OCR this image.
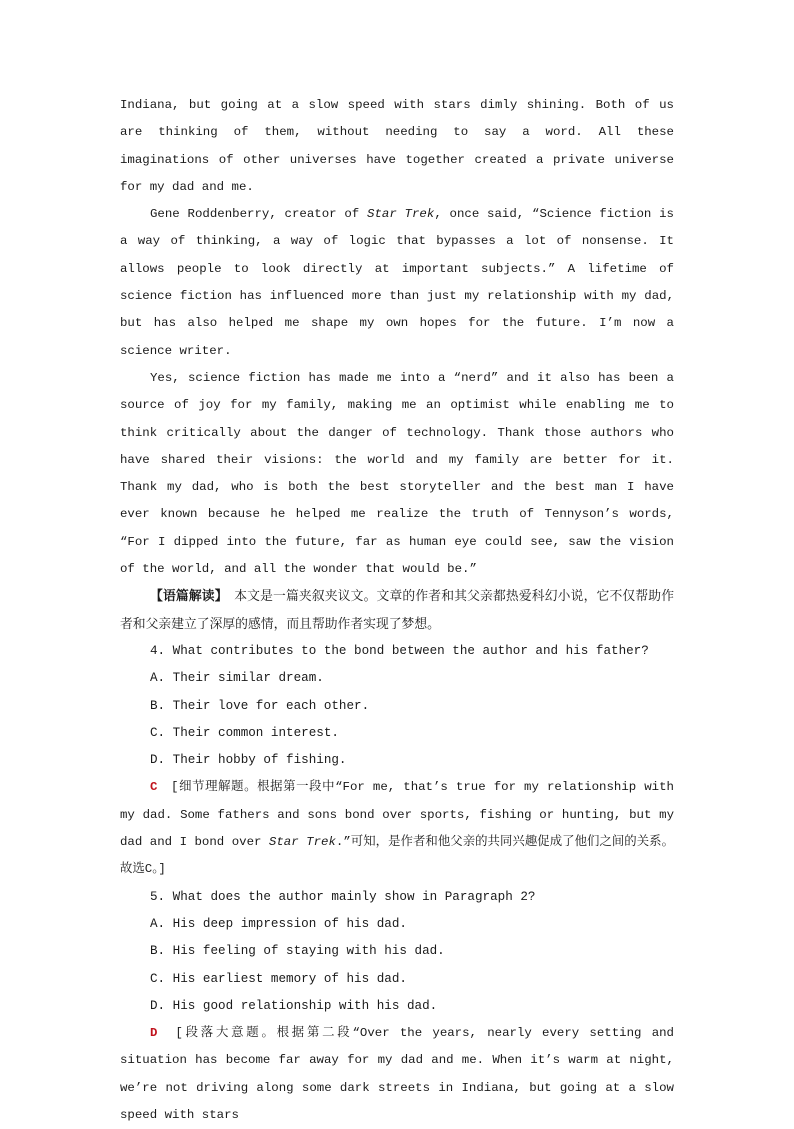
Indiana, but going at a slow speed with stars dimly shining. Both of us are thinking of them, without needing to say a word. All these imaginations of other universes have together created a private universe for my dad and me.

Gene Roddenberry, creator of Star Trek, once said, “Science fiction is a way of thinking, a way of logic that bypasses a lot of nonsense. It allows people to look directly at important subjects.” A lifetime of science fiction has influenced more than just my relationship with my dad, but has also helped me shape my own hopes for the future. I’m now a science writer.

Yes, science fiction has made me into a “nerd” and it also has been a source of joy for my family, making me an optimist while enabling me to think critically about the danger of technology. Thank those authors who have shared their visions: the world and my family are better for it. Thank my dad, who is both the best storyteller and the best man I have ever known because he helped me realize the truth of Tennyson’s words, “For I dipped into the future, far as human eye could see, saw the vision of the world, and all the wonder that would be.”

【语篇解读】　本文是一篇夹叙夹议文。文章的作者和其父亲都热爱科幻小说，它不仅帮助作者和父亲建立了深厚的感情，而且帮助作者实现了梦想。

4. What contributes to the bond between the author and his father?

A. Their similar dream.

B. Their love for each other.

C. Their common interest.

D. Their hobby of fishing.

C　[细节理解题。根据第一段中“For me, that’s true for my relationship with my dad. Some fathers and sons bond over sports, fishing or hunting, but my dad and I bond over Star Trek.”可知，是作者和他父亲的共同兴趣促成了他们之间的关系。故选C。]

5. What does the author mainly show in Paragraph 2?

A. His deep impression of his dad.

B. His feeling of staying with his dad.

C. His earliest memory of his dad.

D. His good relationship with his dad.

D　[段落大意题。根据第二段“Over the years, nearly every setting and situation has become far away for my dad and me. When it’s warm at night, we’re not driving along some dark streets in Indiana, but going at a slow speed with stars
